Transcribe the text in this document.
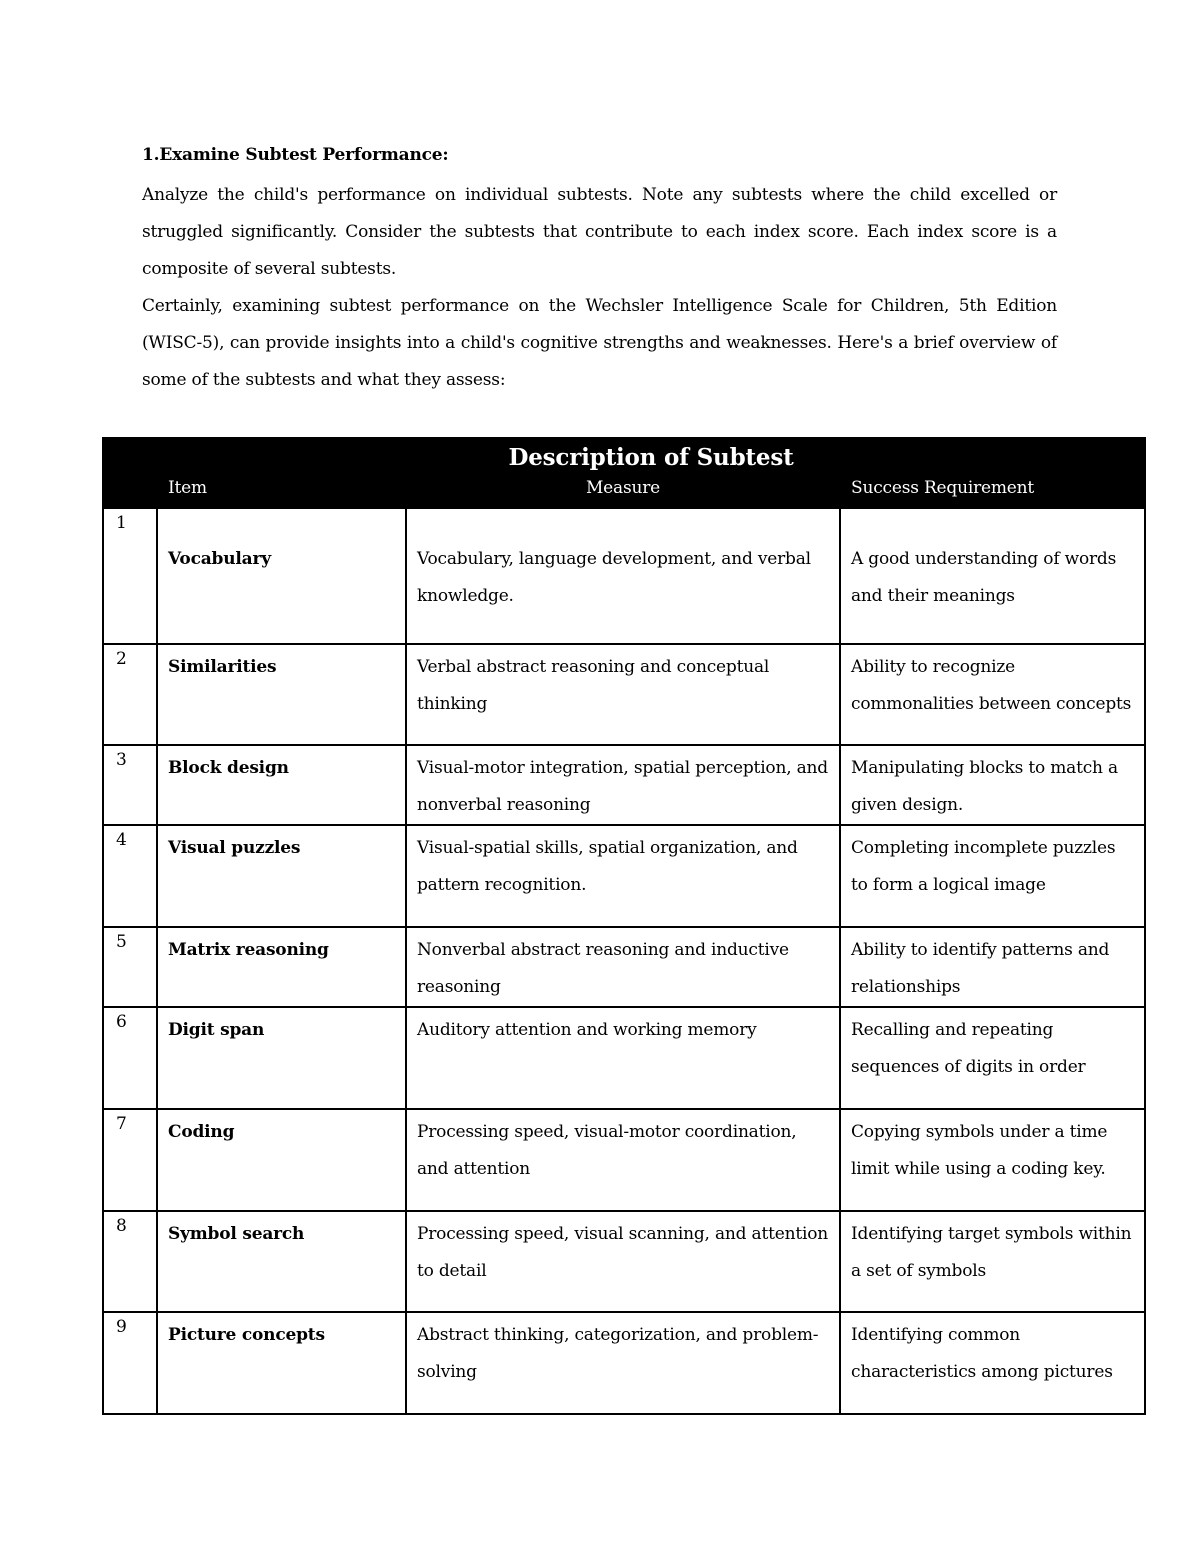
1.Examine Subtest Performance:

Analyze the child's performance on individual subtests. Note any subtests where the child excelled or struggled significantly. Consider the subtests that contribute to each index score. Each index score is a composite of several subtests.

Certainly, examining subtest performance on the Wechsler Intelligence Scale for Children, 5th Edition (WISC-5), can provide insights into a child's cognitive strengths and weaknesses. Here's a brief overview of some of the subtests and what they assess:

	Description of Subtest		
	Item	Measure	Success Requirement
1	Vocabulary	Vocabulary, language development, and verbal knowledge.	A good understanding of words and their meanings
2	Similarities	Verbal abstract reasoning and conceptual thinking	Ability to recognize commonalities between concepts
3	Block design	Visual-motor integration, spatial perception, and nonverbal reasoning	Manipulating blocks to match a given design.
4	Visual puzzles	Visual-spatial skills, spatial organization, and pattern recognition.	Completing incomplete puzzles to form a logical image
5	Matrix reasoning	Nonverbal abstract reasoning and inductive reasoning	Ability to identify patterns and relationships
6	Digit span	Auditory attention and working memory	Recalling and repeating sequences of digits in order
7	Coding	Processing speed, visual-motor coordination, and attention	Copying symbols under a time limit while using a coding key.
8	Symbol search	Processing speed, visual scanning, and attention to detail	Identifying target symbols within a set of symbols
9	Picture concepts	Abstract thinking, categorization, and problem-solving	Identifying common characteristics among pictures
